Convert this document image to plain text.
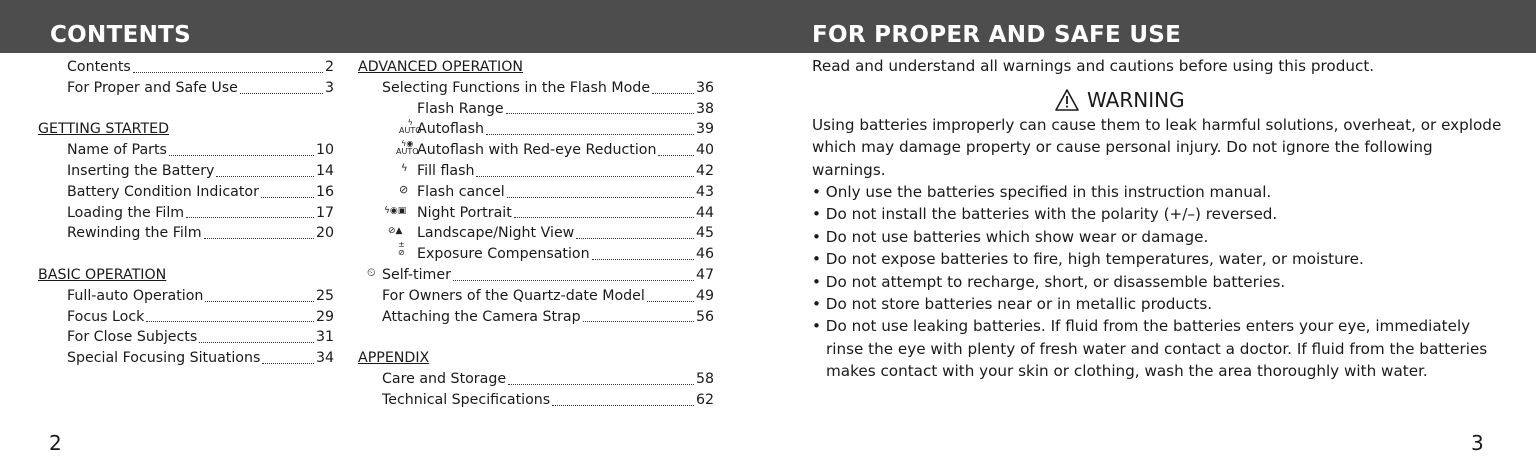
CONTENTS
Contents	2
For Proper and Safe Use	3
GETTING STARTED
Name of Parts	10
Inserting the Battery	14
Battery Condition Indicator	16
Loading the Film	17
Rewinding the Film	20
BASIC OPERATION
Full-auto Operation	25
Focus Lock	29
For Close Subjects	31
Special Focusing Situations	34
ADVANCED OPERATION
Selecting Functions in the Flash Mode	36
Flash Range	38
ϟ
AUTO
Autoflash	39
ϟ◉
AUTO
Autoflash with Red-eye Reduction	40
ϟ Fill flash	42
⊘ Flash cancel	43
ϟ◉▣ Night Portrait	44
⊘▲ Landscape/Night View	45
±
⊘ Exposure Compensation	46
⏲ Self-timer	47
For Owners of the Quartz-date Model	49
Attaching the Camera Strap	56
APPENDIX
Care and Storage	58
Technical Specifications	62
2
FOR PROPER AND SAFE USE
Read and understand all warnings and cautions before using this product.
WARNING
Using batteries improperly can cause them to leak harmful solutions, overheat, or explode which may damage property or cause personal injury. Do not ignore the following warnings.
• Only use the batteries specified in this instruction manual.
• Do not install the batteries with the polarity (+/–) reversed.
• Do not use batteries which show wear or damage.
• Do not expose batteries to fire, high temperatures, water, or moisture.
• Do not attempt to recharge, short, or disassemble batteries.
• Do not store batteries near or in metallic products.
• Do not use leaking batteries. If fluid from the batteries enters your eye, immediately rinse the eye with plenty of fresh water and contact a doctor. If fluid from the batteries makes contact with your skin or clothing, wash the area thoroughly with water.
3
